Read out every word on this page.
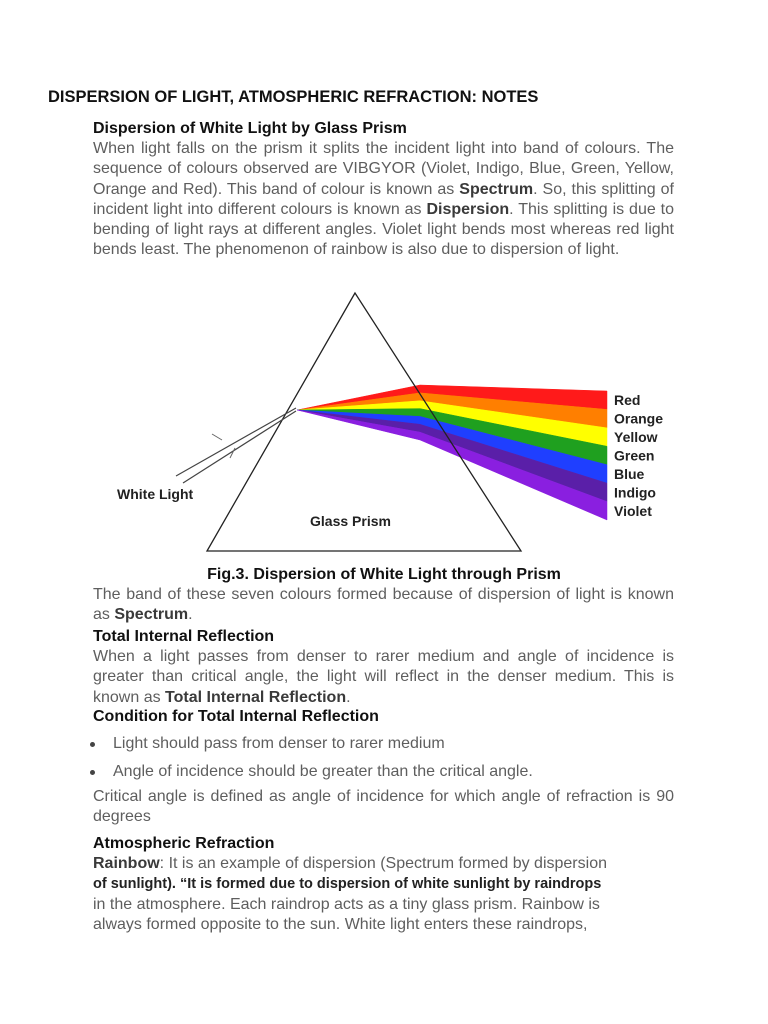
DISPERSION OF LIGHT, ATMOSPHERIC REFRACTION: NOTES
Dispersion of White Light by Glass Prism
When light falls on the prism it splits the incident light into band of colours. The sequence of colours observed are VIBGYOR (Violet, Indigo, Blue, Green, Yellow, Orange and Red). This band of colour is known as Spectrum. So, this splitting of incident light into different colours is known as Dispersion. This splitting is due to bending of light rays at different angles. Violet light bends most whereas red light bends least. The phenomenon of rainbow is also due to dispersion of light.
White Light
Glass Prism
Red
Orange
Yellow
Green
Blue
Indigo
Violet
Fig.3. Dispersion of White Light through Prism
The band of these seven colours formed because of dispersion of light is known as Spectrum.
Total Internal Reflection
When a light passes from denser to rarer medium and angle of incidence is greater than critical angle, the light will reflect in the denser medium. This is known as Total Internal Reflection.
Condition for Total Internal Reflection
Light should pass from denser to rarer medium
Angle of incidence should be greater than the critical angle.
Critical angle is defined as angle of incidence for which angle of refraction is 90 degrees
Atmospheric Refraction
Rainbow: It is an example of dispersion (Spectrum formed by dispersion
of sunlight). “It is formed due to dispersion of white sunlight by raindrops
in the atmosphere. Each raindrop acts as a tiny glass prism. Rainbow is
always formed opposite to the sun. White light enters these raindrops,
